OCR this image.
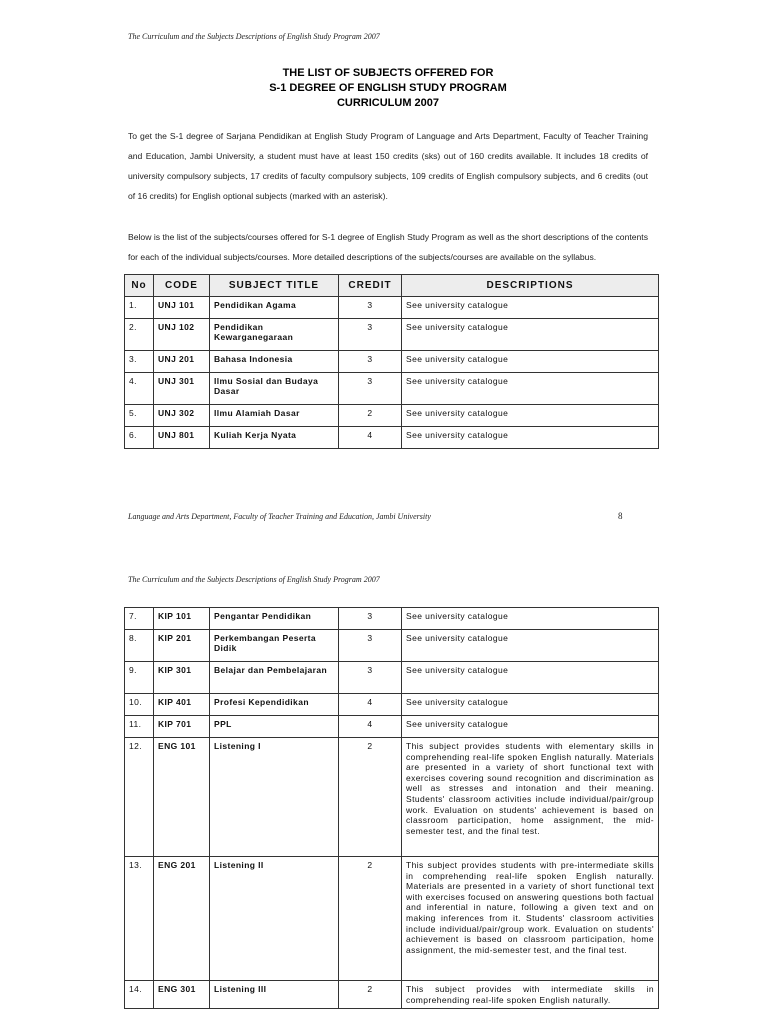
The Curriculum and the Subjects Descriptions of English Study Program 2007
THE LIST OF SUBJECTS OFFERED FOR
S-1 DEGREE OF ENGLISH STUDY PROGRAM
CURRICULUM 2007

To get the S-1 degree of Sarjana Pendidikan at English Study Program of Language and Arts Department, Faculty of Teacher Training and Education, Jambi University, a student must have at least 150 credits (sks) out of 160 credits available. It includes 18 credits of university compulsory subjects, 17 credits of faculty compulsory subjects, 109 credits of English compulsory subjects, and 6 credits (out of 16 credits) for English optional subjects (marked with an asterisk).

Below is the list of the subjects/courses offered for S-1 degree of English Study Program as well as the short descriptions of the contents for each of the individual subjects/courses. More detailed descriptions of the subjects/courses are available on the syllabus.

No	CODE	SUBJECT TITLE	CREDIT	DESCRIPTIONS
1.	UNJ 101	Pendidikan Agama	3	See university catalogue
2.	UNJ 102	Pendidikan Kewarganegaraan	3	See university catalogue
3.	UNJ 201	Bahasa Indonesia	3	See university catalogue
4.	UNJ 301	Ilmu Sosial dan Budaya Dasar	3	See university catalogue
5.	UNJ 302	Ilmu Alamiah Dasar	2	See university catalogue
6.	UNJ 801	Kuliah Kerja Nyata	4	See university catalogue
Language and Arts Department, Faculty of Teacher Training and Education, Jambi University	8
The Curriculum and the Subjects Descriptions of English Study Program 2007
7.	KIP 101	Pengantar Pendidikan	3	See university catalogue
8.	KIP 201	Perkembangan Peserta Didik	3	See university catalogue
9.	KIP 301	Belajar dan Pembelajaran	3	See university catalogue
10.	KIP 401	Profesi Kependidikan	4	See university catalogue
11.	KIP 701	PPL	4	See university catalogue
12.	ENG 101	Listening I	2	This subject provides students with elementary skills in comprehending real-life spoken English naturally. Materials are presented in a variety of short functional text with exercises covering sound recognition and discrimination as well as stresses and intonation and their meaning. Students' classroom activities include individual/pair/group work. Evaluation on students' achievement is based on classroom participation, home assignment, the mid-semester test, and the final test.
13.	ENG 201	Listening II	2	This subject provides students with pre-intermediate skills in comprehending real-life spoken English naturally. Materials are presented in a variety of short functional text with exercises focused on answering questions both factual and inferential in nature, following a given text and on making inferences from it. Students' classroom activities include individual/pair/group work. Evaluation on students' achievement is based on classroom participation, home assignment, the mid-semester test, and the final test.
14.	ENG 301	Listening III	2	This subject provides with intermediate skills in comprehending real-life spoken English naturally.
